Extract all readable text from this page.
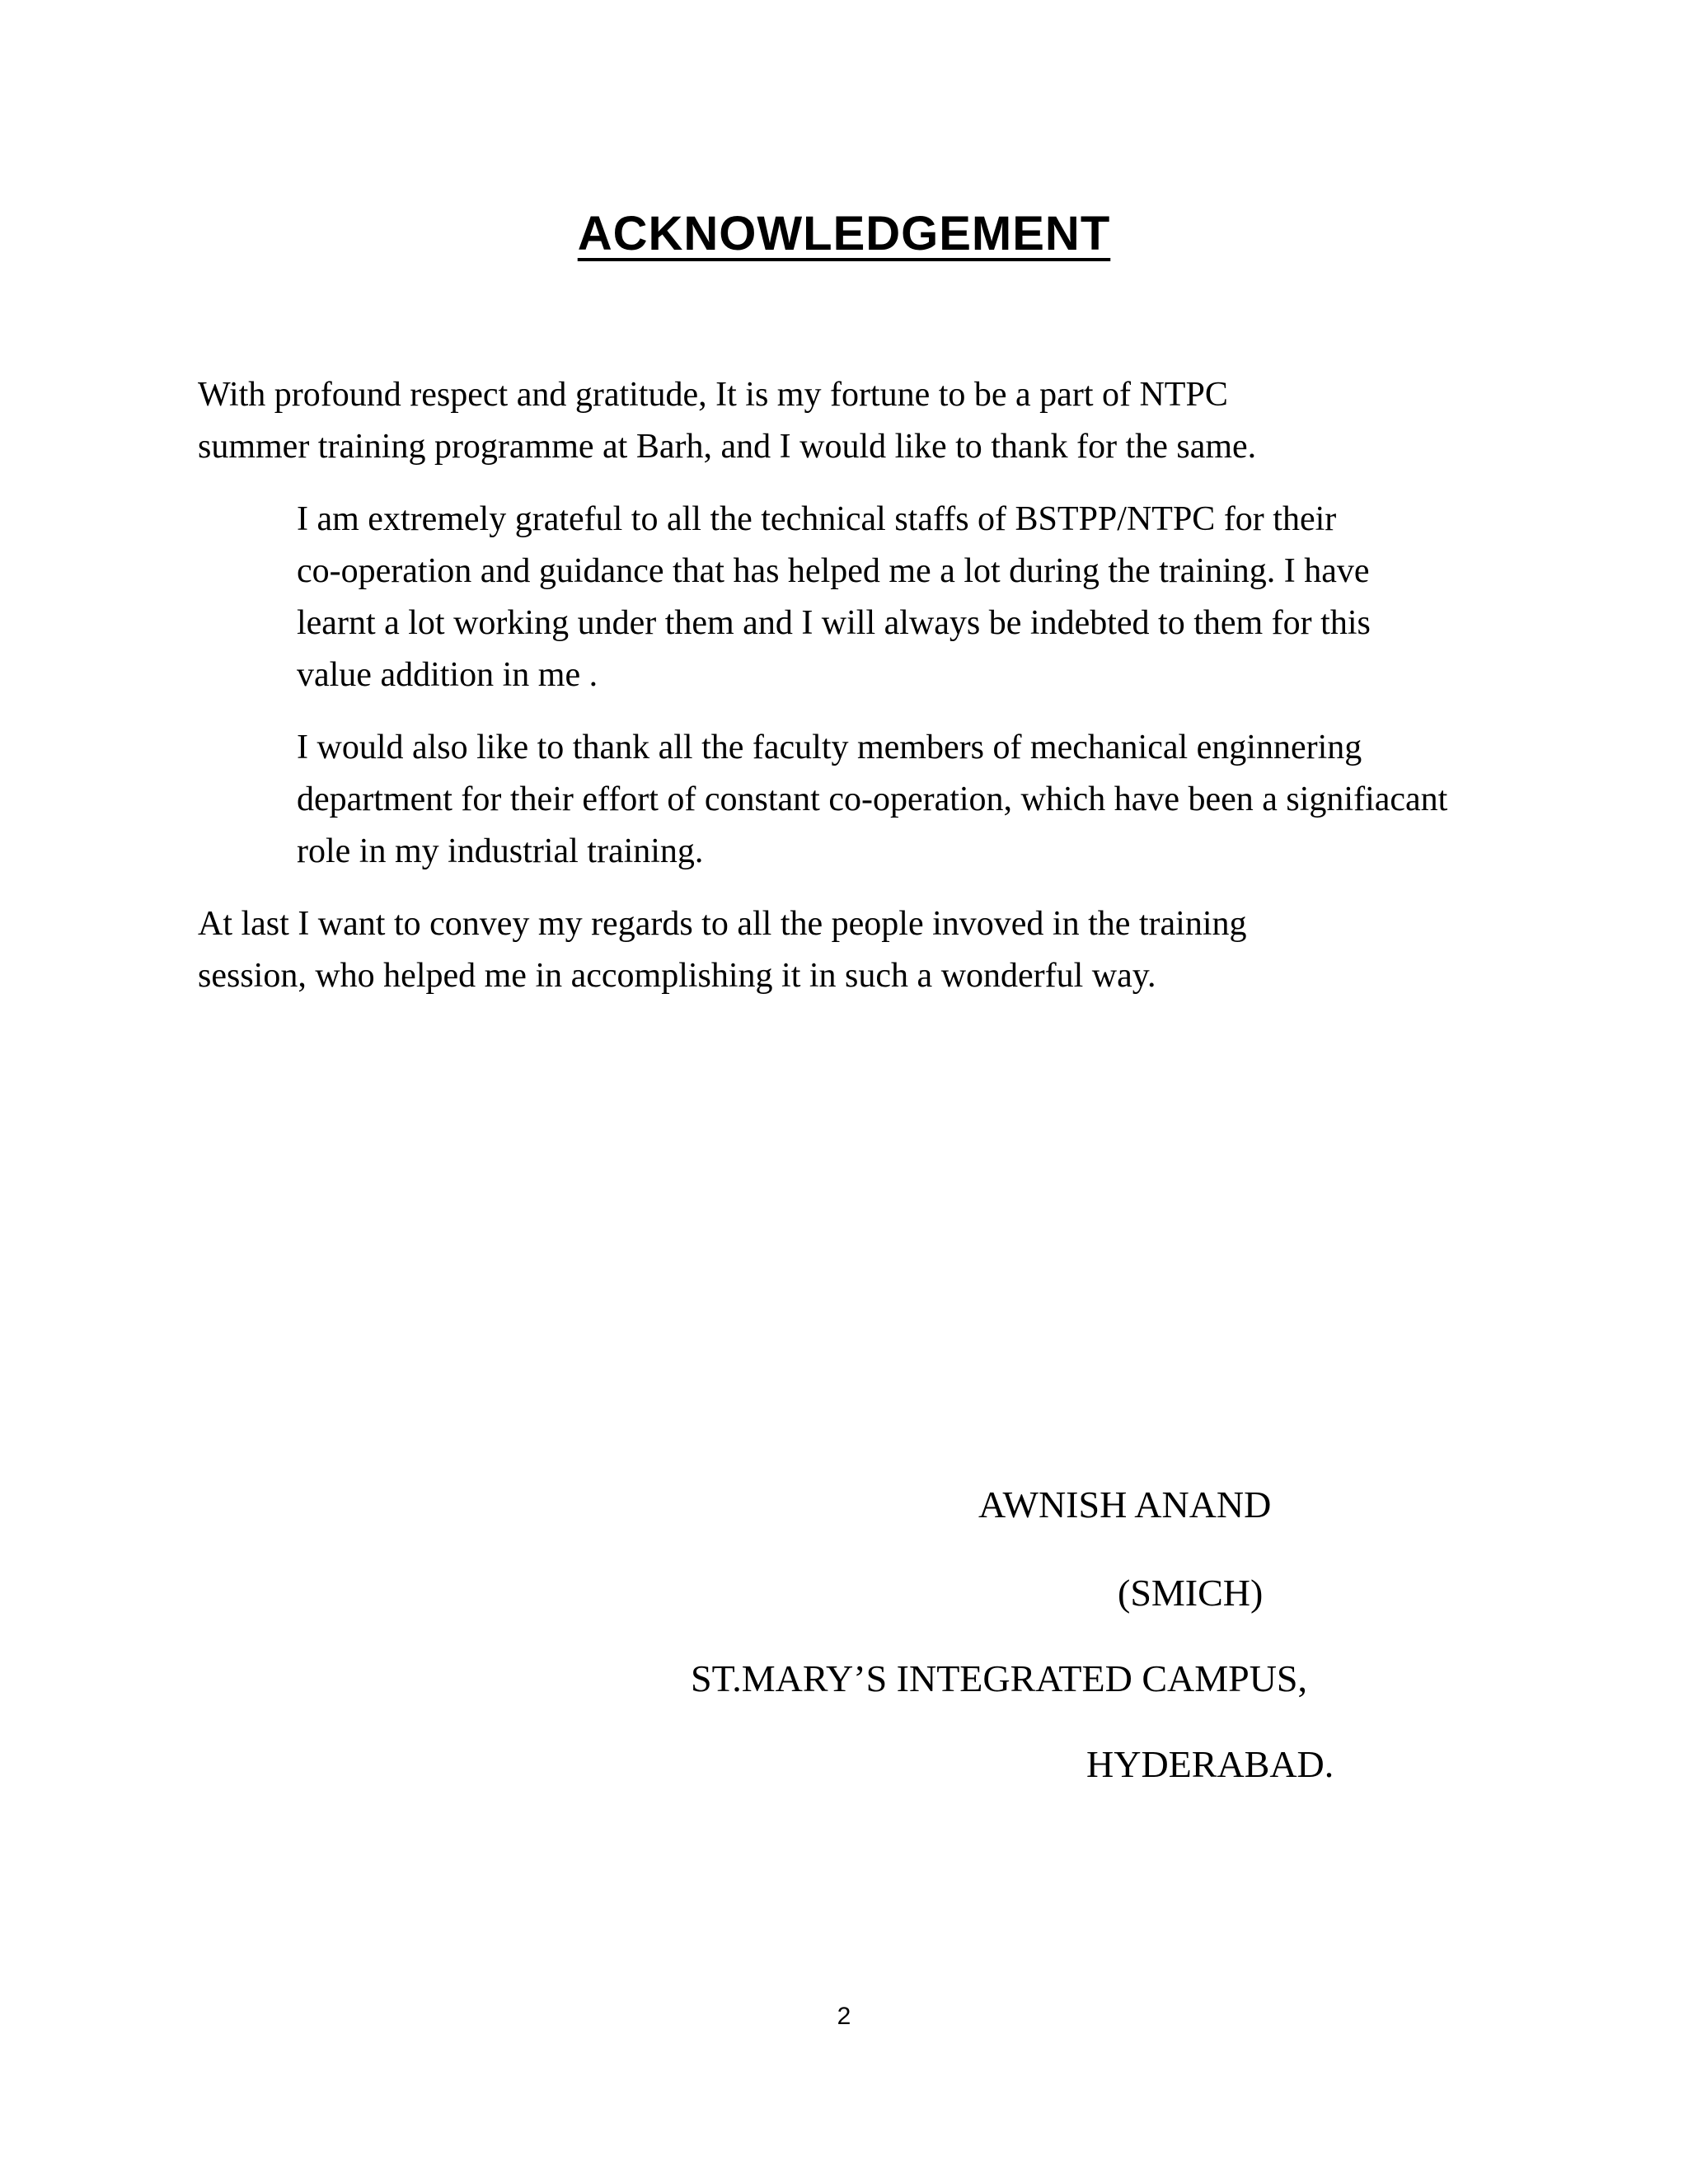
ACKNOWLEDGEMENT

With profound respect and gratitude, It is my fortune to be a part of NTPC
summer training programme at Barh, and I would like to thank for the same.

I am extremely grateful to all the technical staffs of BSTPP/NTPC for their
co-operation and guidance that has helped me a lot during the training. I have
learnt a lot working under them and I will always be indebted to them for this
value addition in me .

I would also like to thank all the faculty members of mechanical enginnering
department for their effort of constant co-operation, which have been a signifiacant
role in my industrial training.

At last I want to convey my regards to all the people invoved in the training
session, who helped me in accomplishing it in such a wonderful way.

AWNISH ANAND
(SMICH)
ST.MARY’S INTEGRATED CAMPUS,
HYDERABAD.
2
